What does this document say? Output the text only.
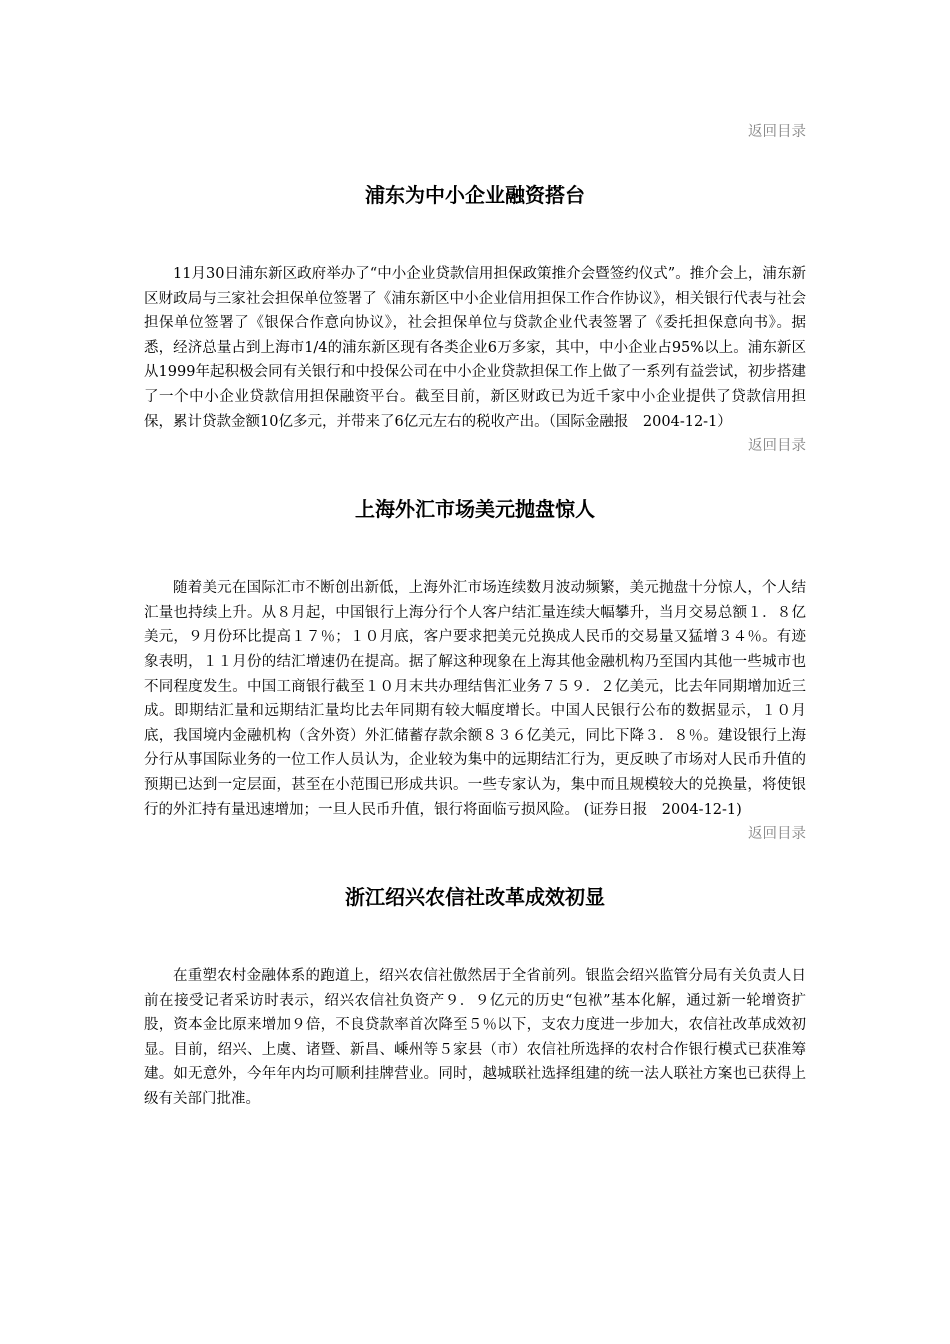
返回目录
浦东为中小企业融资搭台

11月30日浦东新区政府举办了“中小企业贷款信用担保政策推介会暨签约仪式”。推介会上，浦东新区财政局与三家社会担保单位签署了《浦东新区中小企业信用担保工作合作协议》，相关银行代表与社会担保单位签署了《银保合作意向协议》，社会担保单位与贷款企业代表签署了《委托担保意向书》。据悉，经济总量占到上海市1/4的浦东新区现有各类企业6万多家，其中，中小企业占95%以上。浦东新区从1999年起积极会同有关银行和中投保公司在中小企业贷款担保工作上做了一系列有益尝试，初步搭建了一个中小企业贷款信用担保融资平台。截至目前，新区财政已为近千家中小企业提供了贷款信用担保，累计贷款金额10亿多元，并带来了6亿元左右的税收产出。（国际金融报　2004-12-1）

返回目录
上海外汇市场美元抛盘惊人

随着美元在国际汇市不断创出新低，上海外汇市场连续数月波动频繁，美元抛盘十分惊人，个人结汇量也持续上升。从８月起，中国银行上海分行个人客户结汇量连续大幅攀升，当月交易总额１．８亿美元，９月份环比提高１７％；１０月底，客户要求把美元兑换成人民币的交易量又猛增３４％。有迹象表明，１１月份的结汇增速仍在提高。据了解这种现象在上海其他金融机构乃至国内其他一些城市也不同程度发生。中国工商银行截至１０月末共办理结售汇业务７５９．２亿美元，比去年同期增加近三成。即期结汇量和远期结汇量均比去年同期有较大幅度增长。中国人民银行公布的数据显示，１０月底，我国境内金融机构（含外资）外汇储蓄存款余额８３６亿美元，同比下降３．８％。建设银行上海分行从事国际业务的一位工作人员认为，企业较为集中的远期结汇行为，更反映了市场对人民币升值的预期已达到一定层面，甚至在小范围已形成共识。一些专家认为，集中而且规模较大的兑换量，将使银行的外汇持有量迅速增加；一旦人民币升值，银行将面临亏损风险。 (证券日报　2004-12-1)

返回目录
浙江绍兴农信社改革成效初显

在重塑农村金融体系的跑道上，绍兴农信社傲然居于全省前列。银监会绍兴监管分局有关负责人日前在接受记者采访时表示，绍兴农信社负资产９．９亿元的历史“包袱”基本化解，通过新一轮增资扩股，资本金比原来增加９倍，不良贷款率首次降至５％以下，支农力度进一步加大，农信社改革成效初显。目前，绍兴、上虞、诸暨、新昌、嵊州等５家县（市）农信社所选择的农村合作银行模式已获准筹建。如无意外，今年年内均可顺利挂牌营业。同时，越城联社选择组建的统一法人联社方案也已获得上级有关部门批准。
